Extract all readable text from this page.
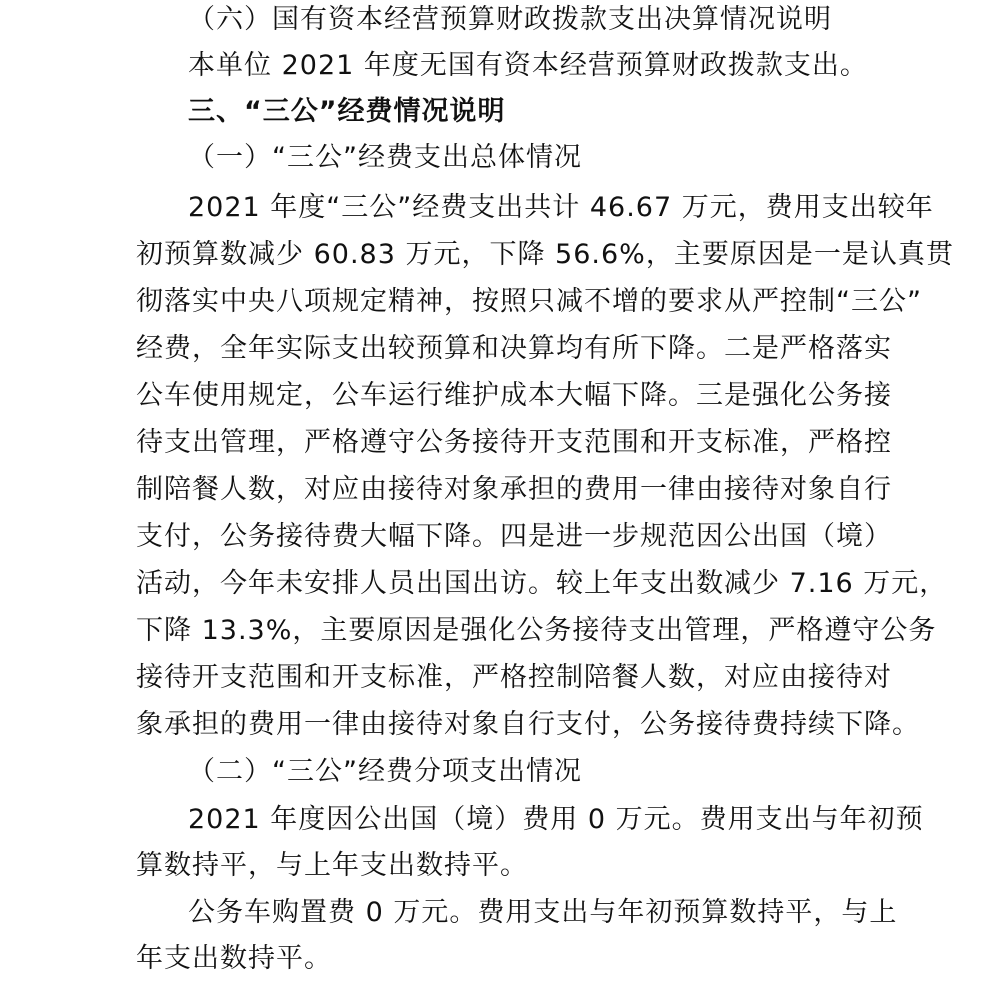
（六）国有资本经营预算财政拨款支出决算情况说明
本单位 2021 年度无国有资本经营预算财政拨款支出。
三、“三公”经费情况说明
（一）“三公”经费支出总体情况
2021 年度“三公”经费支出共计 46.67 万元，费用支出较年
初预算数减少 60.83 万元，下降 56.6%，主要原因是一是认真贯
彻落实中央八项规定精神，按照只减不增的要求从严控制“三公”
经费，全年实际支出较预算和决算均有所下降。二是严格落实
公车使用规定，公车运行维护成本大幅下降。三是强化公务接
待支出管理，严格遵守公务接待开支范围和开支标准，严格控
制陪餐人数，对应由接待对象承担的费用一律由接待对象自行
支付，公务接待费大幅下降。四是进一步规范因公出国（境）
活动，今年未安排人员出国出访。较上年支出数减少 7.16 万元，
下降 13.3%，主要原因是强化公务接待支出管理，严格遵守公务
接待开支范围和开支标准，严格控制陪餐人数，对应由接待对
象承担的费用一律由接待对象自行支付，公务接待费持续下降。
（二）“三公”经费分项支出情况
2021 年度因公出国（境）费用 0 万元。费用支出与年初预
算数持平，与上年支出数持平。
公务车购置费 0 万元。费用支出与年初预算数持平，与上
年支出数持平。
